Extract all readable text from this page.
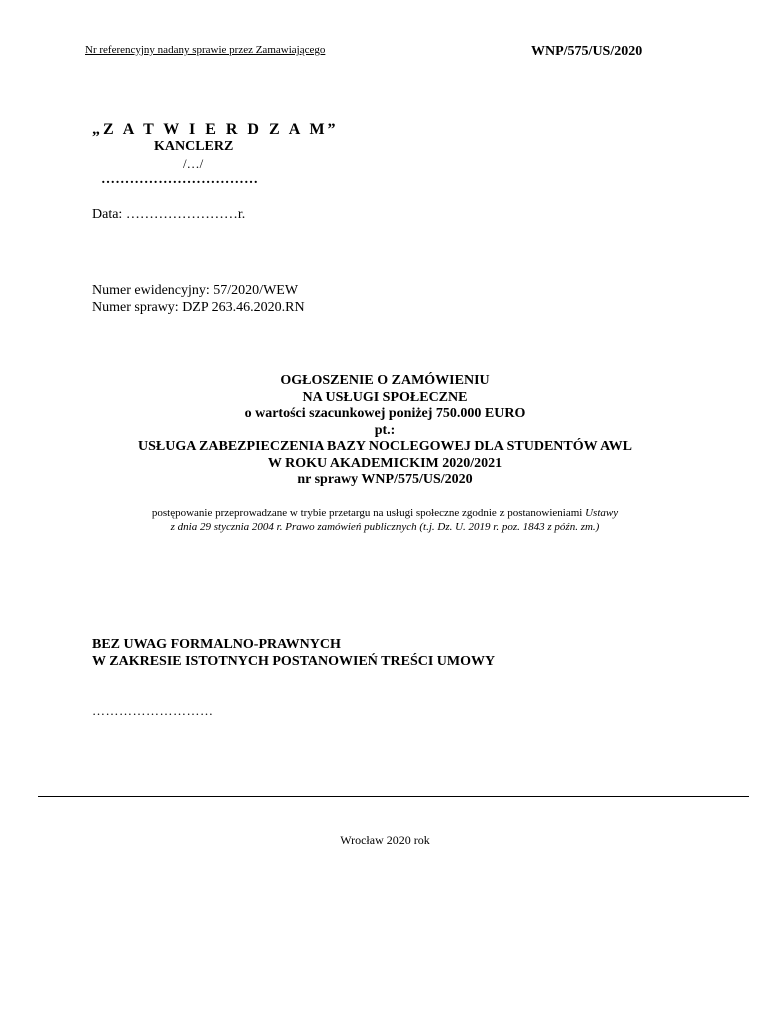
Nr referencyjny nadany sprawie przez Zamawiającego	WNP/575/US/2020
„Z A T W I E R D Z A M”
KANCLERZ
/…/
……………………………
Data: ……………………r.
Numer ewidencyjny: 57/2020/WEW
Numer sprawy: DZP 263.46.2020.RN
OGŁOSZENIE O ZAMÓWIENIU
NA USŁUGI SPOŁECZNE
o wartości szacunkowej poniżej 750.000 EURO
pt.:
USŁUGA ZABEZPIECZENIA BAZY NOCLEGOWEJ DLA STUDENTÓW AWL
W ROKU AKADEMICKIM 2020/2021
nr sprawy WNP/575/US/2020
postępowanie przeprowadzane w trybie przetargu na usługi społeczne zgodnie z postanowieniami Ustawy
z dnia 29 stycznia 2004 r. Prawo zamówień publicznych (t.j. Dz. U. 2019 r. poz. 1843 z późn. zm.)
BEZ UWAG FORMALNO-PRAWNYCH
W ZAKRESIE ISTOTNYCH POSTANOWIEŃ TREŚCI UMOWY
………………………
Wrocław 2020 rok
